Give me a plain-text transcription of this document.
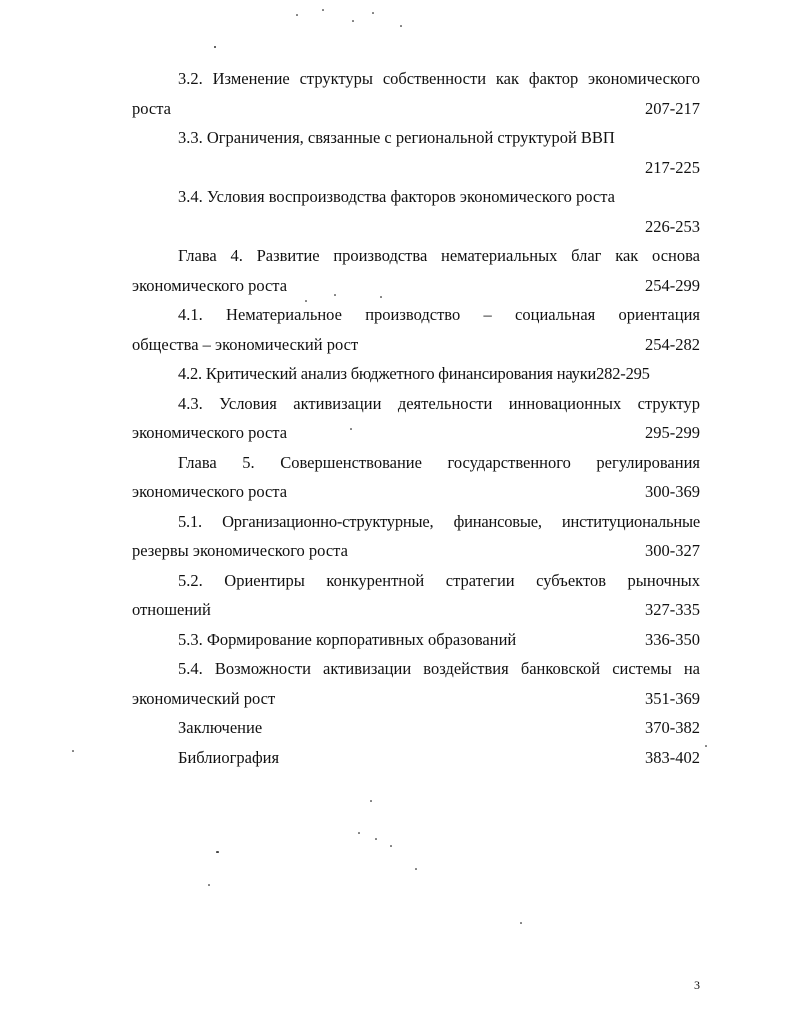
3.2. Изменение структуры собственности как фактор экономического
роста	207-217
3.3. Ограничения, связанные с региональной структурой ВВП
217-225
3.4. Условия воспроизводства факторов экономического роста
226-253
Глава 4. Развитие производства нематериальных благ как основа
экономического роста	254-299
4.1. Нематериальное производство – социальная ориентация
общества – экономический рост	254-282
4.2. Критический анализ бюджетного финансирования науки282-295
4.3. Условия активизации деятельности инновационных структур
экономического роста	295-299
Глава 5. Совершенствование государственного регулирования
экономического роста	300-369
5.1. Организационно-структурные, финансовые, институциональные
резервы экономического роста	300-327
5.2. Ориентиры конкурентной стратегии субъектов рыночных
отношений	327-335
5.3. Формирование корпоративных образований	336-350
5.4. Возможности активизации воздействия банковской системы на
экономический рост	351-369
Заключение	370-382
Библиография	383-402
3
